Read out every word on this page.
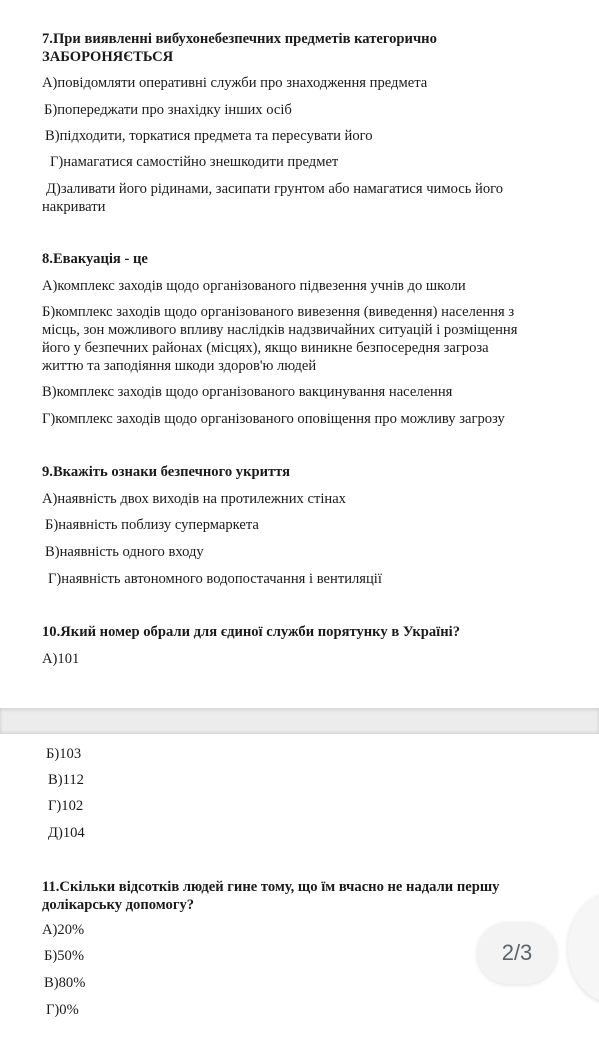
7.При виявленні вибухонебезпечних предметів категорично
ЗАБОРОНЯЄТЬСЯ
А)повідомляти оперативні служби про знаходження предмета
Б)попереджати про знахідку інших осіб
В)підходити, торкатися предмета та пересувати його
Г)намагатися самостійно знешкодити предмет
Д)заливати його рідинами, засипати грунтом або намагатися чимось його
накривати
8.Евакуація - це
А)комплекс заходів щодо організованого підвезення учнів до школи
Б)комплекс заходів щодо організованого вивезення (виведення) населення з
місць, зон можливого впливу наслідків надзвичайних ситуацій і розміщення
його у безпечних районах (місцях), якщо виникне безпосередня загроза
життю та заподіяння шкоди здоров'ю людей
В)комплекс заходів щодо організованого вакцинування населення
Г)комплекс заходів щодо організованого оповіщення про можливу загрозу
9.Вкажіть ознаки безпечного укриття
А)наявність двох виходів на протилежних стінах
Б)наявність поблизу супермаркета
В)наявність одного входу
Г)наявність автономного водопостачання і вентиляції
10.Який номер обрали для єдиної служби порятунку в Україні?
А)101
Б)103
В)112
Г)102
Д)104
11.Скільки відсотків людей гине тому, що їм вчасно не надали першу
долікарську допомогу?
А)20%
Б)50%
В)80%
Г)0%
2/3
